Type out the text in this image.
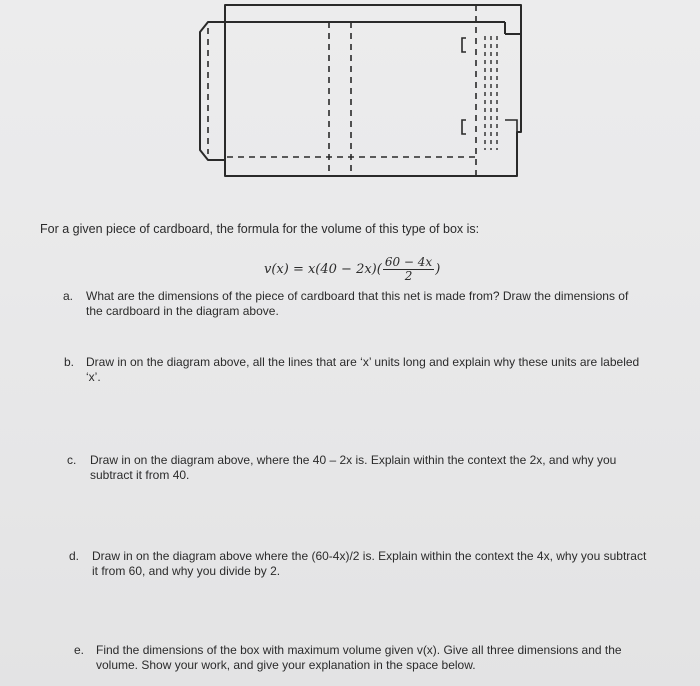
For a given piece of cardboard, the formula for the volume of this type of box is:
$v(x) = x(40 - 2x)( \frac{60 - 4x}{2}$ )
a. What are the dimensions of the piece of cardboard that this net is made from? Draw the dimensions of
the cardboard in the diagram above.
b. Draw in on the diagram above, all the lines that are ‘x’ units long and explain why these units are labeled
‘x’.
c. Draw in on the diagram above, where the 40 – 2x is. Explain within the context the 2x, and why you
subtract it from 40.
d. Draw in on the diagram above where the (60-4x)/2 is. Explain within the context the 4x, why you subtract
it from 60, and why you divide by 2.
e. Find the dimensions of the box with maximum volume given v(x). Give all three dimensions and the
volume. Show your work, and give your explanation in the space below.
